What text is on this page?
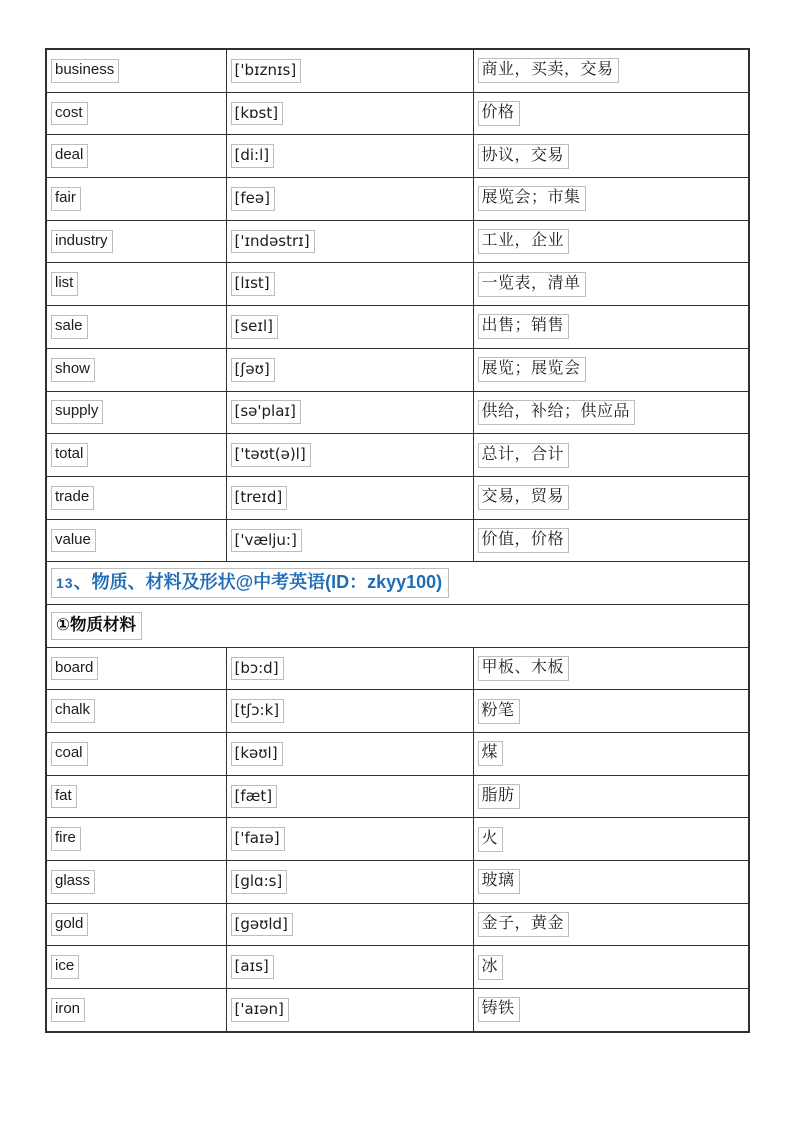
business	['bɪznɪs]	商业，买卖，交易
cost	[kɒst]	价格
deal	[di:l]	协议，交易
fair	[feə]	展览会；市集
industry	['ɪndəstrɪ]	工业，企业
list	[lɪst]	一览表，清单
sale	[seɪl]	出售；销售
show	[ʃəʊ]	展览；展览会
supply	[sə'plaɪ]	供给，补给；供应品
total	['təʊt(ə)l]	总计，合计
trade	[treɪd]	交易，贸易
value	['vælju:]	价值，价格
13、物质、材料及形状@中考英语(ID：zkyy100)		
①物质材料		
board	[bɔ:d]	甲板、木板
chalk	[tʃɔ:k]	粉笔
coal	[kəʊl]	煤
fat	[fæt]	脂肪
fire	['faɪə]	火
glass	[glɑ:s]	玻璃
gold	[gəʊld]	金子，黄金
ice	[aɪs]	冰
iron	['aɪən]	铸铁
